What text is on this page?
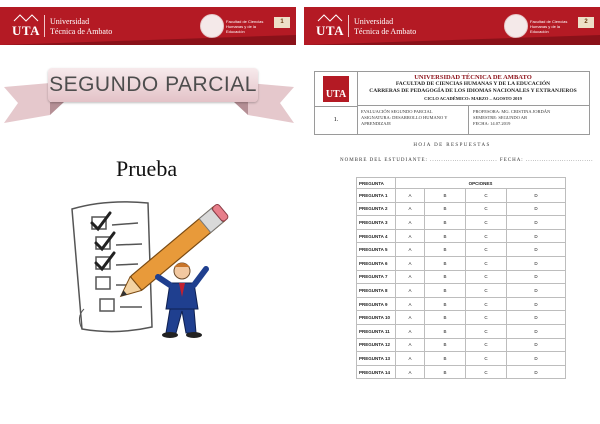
UTA
Universidad
Técnica de Ambato
Facultad de Ciencias Humanas y de la Educación
1
SEGUNDO PARCIAL
Prueba
UTA
Universidad
Técnica de Ambato
Facultad de Ciencias Humanas y de la Educación
2
UTA
1.
UNIVERSIDAD TÉCNICA DE AMBATO
FACULTAD DE CIENCIAS HUMANAS Y DE LA EDUCACIÓN
CARRERAS DE PEDAGOGÍA DE LOS IDIOMAS NACIONALES Y EXTRANJEROS
CICLO ACADÉMICO: MARZO – AGOSTO 2019
EVALUACIÓN SEGUNDO PARCIAL
ASIGNATURA: DESARROLLO HUMANO Y APRENDIZAJE
PROFESORA: MG. CRISTINA JORDÁN
SEMESTRE: SEGUNDO AB
FECHA: 14.07.2019
HOJA DE RESPUESTAS
NOMBRE DEL ESTUDIANTE: .............................. FECHA: ..............................
PREGUNTA	OPCIONES			
PREGUNTA 1	A	B	C	D
PREGUNTA 2	A	B	C	D
PREGUNTA 3	A	B	C	D
PREGUNTA 4	A	B	C	D
PREGUNTA 5	A	B	C	D
PREGUNTA 6	A	B	C	D
PREGUNTA 7	A	B	C	D
PREGUNTA 8	A	B	C	D
PREGUNTA 9	A	B	C	D
PREGUNTA 10	A	B	C	D
PREGUNTA 11	A	B	C	D
PREGUNTA 12	A	B	C	D
PREGUNTA 13	A	B	C	D
PREGUNTA 14	A	B	C	D
